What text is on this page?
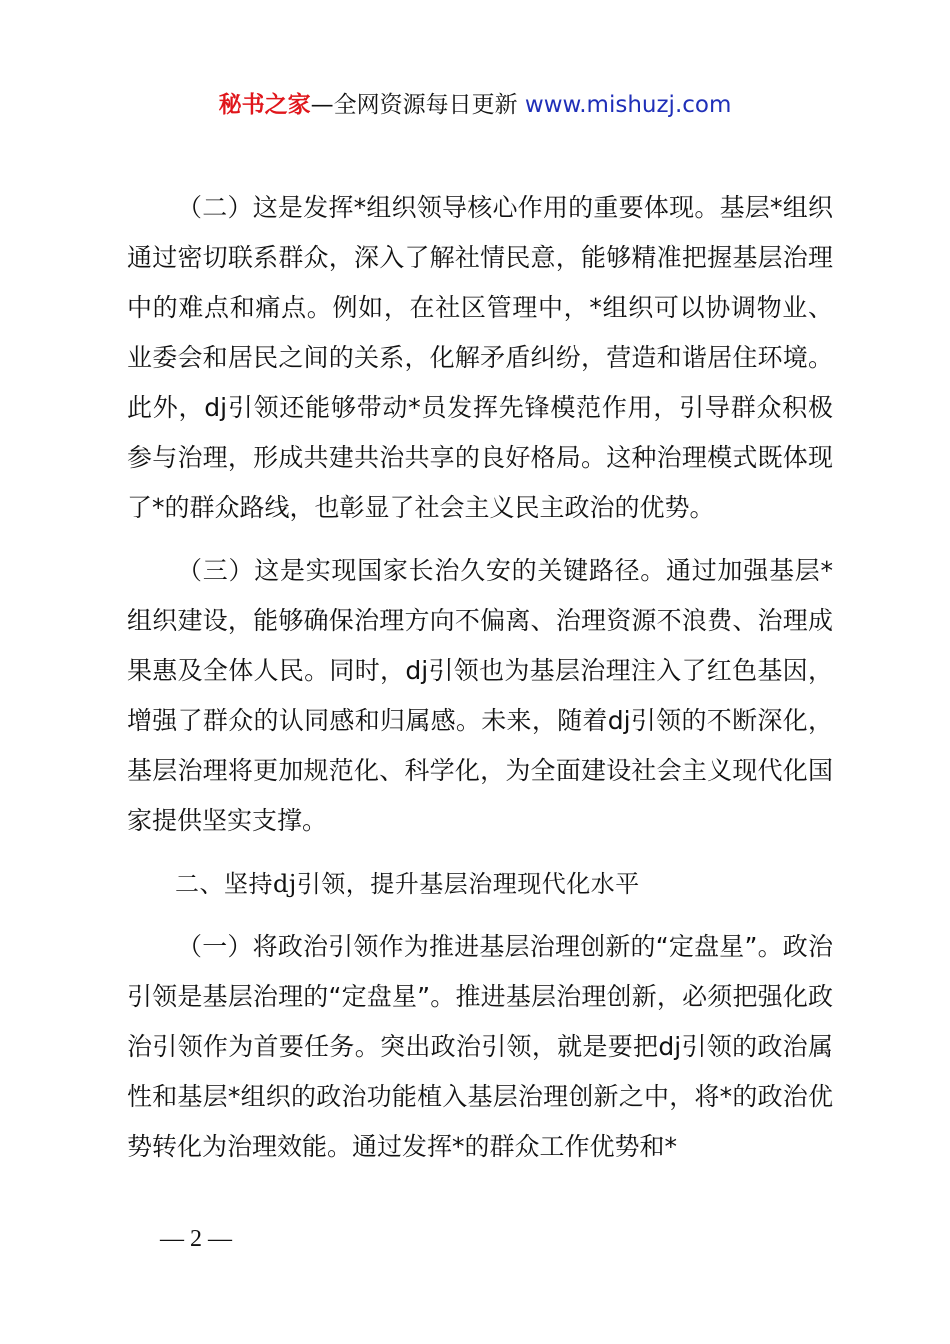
秘书之家—全网资源每日更新 www.mishuzj.com

（二）这是发挥*组织领导核心作用的重要体现。基层*组织通过密切联系群众，深入了解社情民意，能够精准把握基层治理中的难点和痛点。例如，在社区管理中，*组织可以协调物业、业委会和居民之间的关系，化解矛盾纠纷，营造和谐居住环境。此外，dj引领还能够带动*员发挥先锋模范作用，引导群众积极参与治理，形成共建共治共享的良好格局。这种治理模式既体现了*的群众路线，也彰显了社会主义民主政治的优势。

（三）这是实现国家长治久安的关键路径。通过加强基层*组织建设，能够确保治理方向不偏离、治理资源不浪费、治理成果惠及全体人民。同时，dj引领也为基层治理注入了红色基因，增强了群众的认同感和归属感。未来，随着dj引领的不断深化，基层治理将更加规范化、科学化，为全面建设社会主义现代化国家提供坚实支撑。

二、坚持dj引领，提升基层治理现代化水平

（一）将政治引领作为推进基层治理创新的“定盘星”。政治引领是基层治理的“定盘星”。推进基层治理创新，必须把强化政治引领作为首要任务。突出政治引领，就是要把dj引领的政治属性和基层*组织的政治功能植入基层治理创新之中，将*的政治优势转化为治理效能。通过发挥*的群众工作优势和*

— 2 —
